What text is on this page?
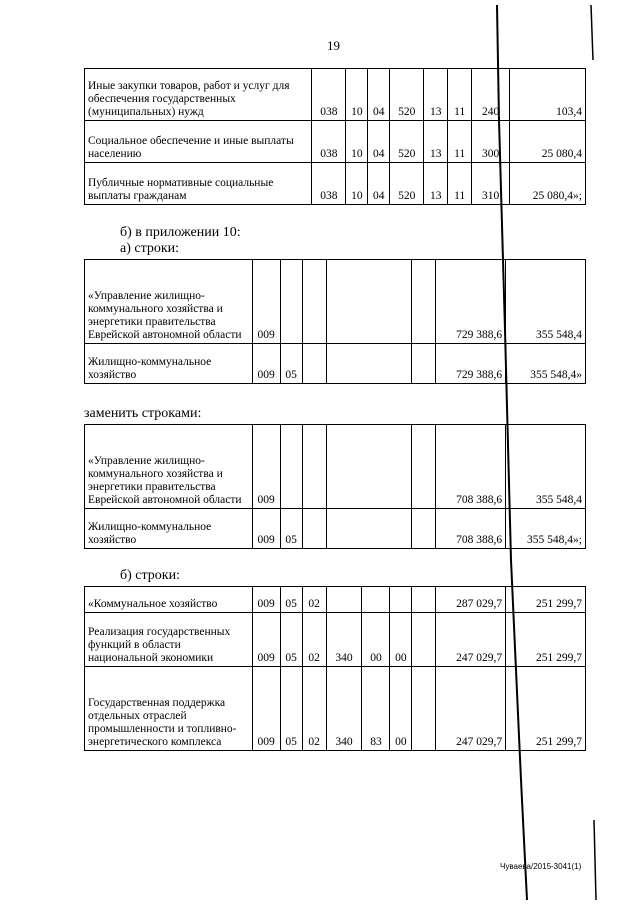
19
Иные закупки товаров, работ и услуг для обеспечения государственных (муниципальных) нужд	038	10	04	520	13	11	240	103,4
Социальное обеспечение и иные выплаты населению	038	10	04	520	13	11	300	25 080,4
Публичные нормативные социальные выплаты гражданам	038	10	04	520	13	11	310	25 080,4»;
б) в приложении 10:
а) строки:
«Управление жилищно-коммунального хозяйства и энергетики правительства Еврейской автономной области	009					729 388,6	355 548,4
Жилищно-коммунальное хозяйство	009	05				729 388,6	355 548,4»
заменить строками:
«Управление жилищно-коммунального хозяйства и энергетики правительства Еврейской автономной области	009					708 388,6	355 548,4
Жилищно-коммунальное хозяйство	009	05				708 388,6	355 548,4»;
б) строки:
«Коммунальное хозяйство	009	05	02					287 029,7	251 299,7
Реализация государственных функций в области национальной экономики	009	05	02	340	00	00		247 029,7	251 299,7
Государственная поддержка отдельных отраслей промышленности и топливно-энергетического комплекса	009	05	02	340	83	00		247 029,7	251 299,7
Чуваева/2015-3041(1)
